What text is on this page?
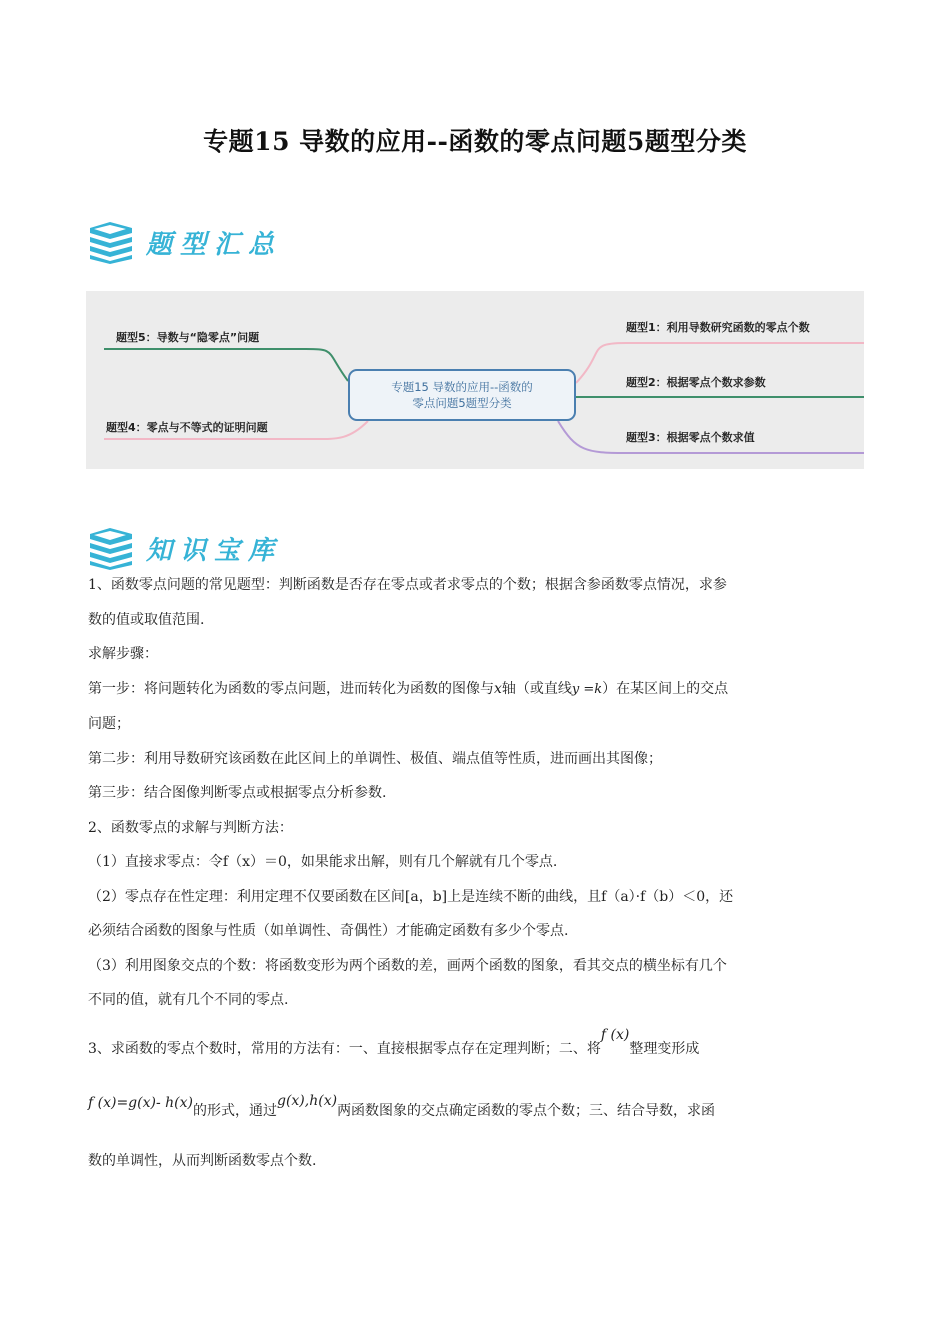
专题15 导数的应用--函数的零点问题5题型分类
题型汇总
专题15 导数的应用--函数的
零点问题5题型分类
题型1：利用导数研究函数的零点个数
题型2：根据零点个数求参数
题型3：根据零点个数求值
题型4：零点与不等式的证明问题
题型5：导数与“隐零点”问题
知识宝库

1、函数零点问题的常见题型：判断函数是否存在零点或者求零点的个数；根据含参函数零点情况，求参

数的值或取值范围.

求解步骤：

第一步：将问题转化为函数的零点问题，进而转化为函数的图像与x轴（或直线y =k）在某区间上的交点

问题；

第二步：利用导数研究该函数在此区间上的单调性、极值、端点值等性质，进而画出其图像；

第三步：结合图像判断零点或根据零点分析参数.

2、函数零点的求解与判断方法：

（1）直接求零点：令f（x）＝0，如果能求出解，则有几个解就有几个零点.

（2）零点存在性定理：利用定理不仅要函数在区间[a，b]上是连续不断的曲线，且f（a）·f（b）＜0，还

必须结合函数的图象与性质（如单调性、奇偶性）才能确定函数有多少个零点.

（3）利用图象交点的个数：将函数变形为两个函数的差，画两个函数的图象，看其交点的横坐标有几个

不同的值，就有几个不同的零点.

3、求函数的零点个数时，常用的方法有：一、直接根据零点存在定理判断；二、将f (x)整理变形成

f (x)=g(x)- h(x)的形式，通过g(x),h(x)两函数图象的交点确定函数的零点个数；三、结合导数，求函

数的单调性，从而判断函数零点个数.
